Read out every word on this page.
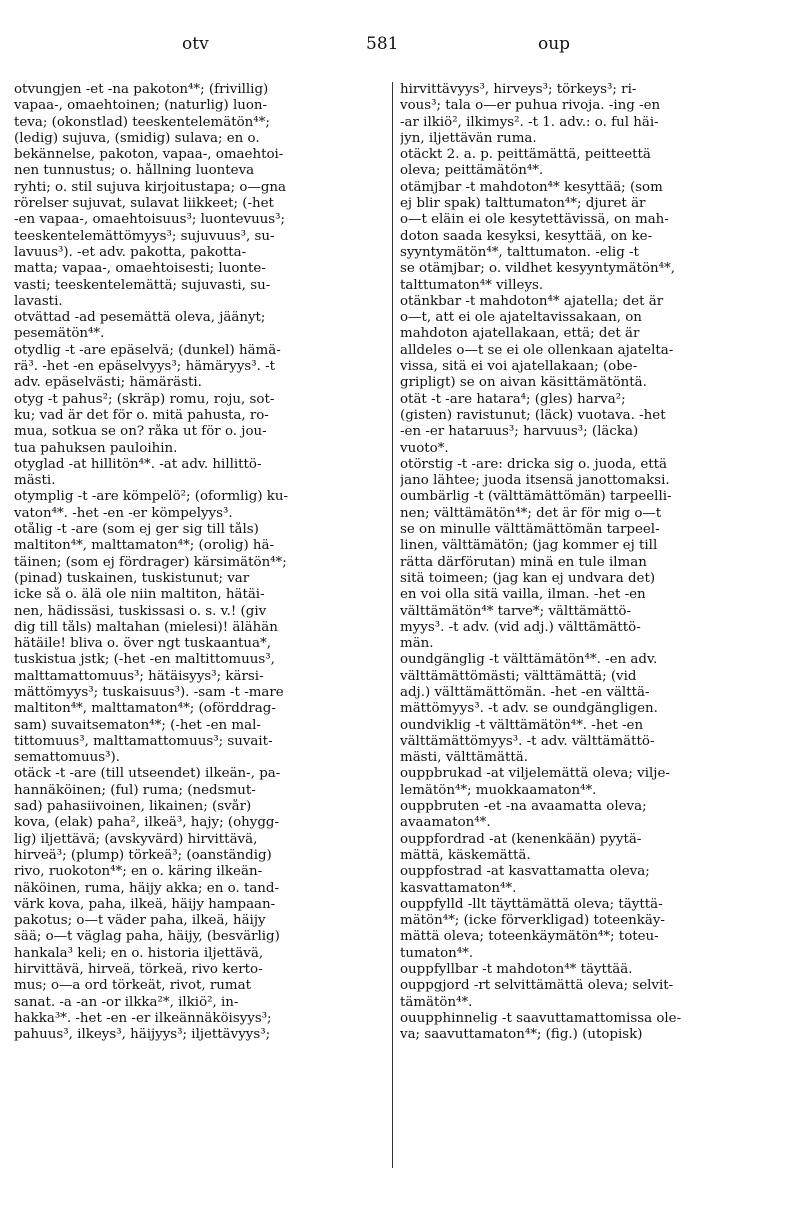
otv	581	oup
otvungjen -et -na pakoton⁴*; (frivillig)
vapaa-, omaehtoinen; (naturlig) luon-
teva; (okonstlad) teeskentelemätön⁴*;
(ledig) sujuva, (smidig) sulava; en o.
bekännelse, pakoton, vapaa-, omaehtoi-
nen tunnustus; o. hållning luonteva
ryhti; o. stil sujuva kirjoitustapa; o—gna
rörelser sujuvat, sulavat liikkeet; (-het
-en vapaa-, omaehtoisuus³; luontevuus³;
teeskentelemättömyys³; sujuvuus³, su-
lavuus³). -et adv. pakotta, pakotta-
matta; vapaa-, omaehtoisesti; luonte-
vasti; teeskentelemättä; sujuvasti, su-
lavasti.
otvättad -ad pesemättä oleva, jäänyt;
pesemätön⁴*.
otydlig -t -are epäselvä; (dunkel) hämä-
rä³. -het -en epäselvyys³; hämäryys³. -t
adv. epäselvästi; hämärästi.
otyg -t pahus²; (skräp) romu, roju, sot-
ku; vad är det för o. mitä pahusta, ro-
mua, sotkua se on? råka ut för o. jou-
tua pahuksen pauloihin.
otyglad -at hillitön⁴*. -at adv. hillittö-
mästi.
otymplig -t -are kömpelö²; (oformlig) ku-
vaton⁴*. -het -en -er kömpelyys³.
otålig -t -are (som ej ger sig till tåls)
maltiton⁴*, malttamaton⁴*; (orolig) hä-
täinen; (som ej fördrager) kärsimätön⁴*;
(pinad) tuskainen, tuskistunut; var
icke så o. älä ole niin maltiton, hätäi-
nen, hädissäsi, tuskissasi o. s. v.! (giv
dig till tåls) maltahan (mielesi)! älähän
hätäile! bliva o. över ngt tuskaantua*,
tuskistua jstk; (-het -en maltittomuus³,
malttamattomuus³; hätäisyys³; kärsi-
mättömyys³; tuskaisuus³). -sam -t -mare
maltiton⁴*, malttamaton⁴*; (oförddrag-
sam) suvaitsematon⁴*; (-het -en mal-
tittomuus³, malttamattomuus³; suvait-
semattomuus³).
otäck -t -are (till utseendet) ilkeän-, pa-
hannäköinen; (ful) ruma; (nedsmut-
sad) pahasiivoinen, likainen; (svår)
kova, (elak) paha², ilkeä³, hajy; (ohygg-
lig) iljettävä; (avskyvärd) hirvittävä,
hirveä³; (plump) törkeä³; (oanständig)
rivo, ruokoton⁴*; en o. käring ilkeän-
näköinen, ruma, häijy akka; en o. tand-
värk kova, paha, ilkeä, häijy hampaan-
pakotus; o—t väder paha, ilkeä, häijy
sää; o—t väglag paha, häijy, (besvärlig)
hankala³ keli; en o. historia iljettävä,
hirvittävä, hirveä, törkeä, rivo kerto-
mus; o—a ord törkeät, rivot, rumat
sanat. -a -an -or ilkka²*, ilkiö², in-
hakka³*. -het -en -er ilkeännäköisyys³;
pahuus³, ilkeys³, häijyys³; iljettävyys³;
hirvittävyys³, hirveys³; törkeys³; ri-
vous³; tala o—er puhua rivoja. -ing -en
-ar ilkiö², ilkimys². -t 1. adv.: o. ful häi-
jyn, iljettävän ruma.
otäckt 2. a. p. peittämättä, peitteettä
oleva; peittämätön⁴*.
otämjbar -t mahdoton⁴* kesyttää; (som
ej blir spak) talttumaton⁴*; djuret är
o—t eläin ei ole kesytettävissä, on mah-
doton saada kesyksi, kesyttää, on ke-
syyntymätön⁴*, talttumaton. -elig -t
se otämjbar; o. vildhet kesyyntymätön⁴*,
talttumaton⁴* villeys.
otänkbar -t mahdoton⁴* ajatella; det är
o—t, att ei ole ajateltavissakaan, on
mahdoton ajatellakaan, että; det är
alldeles o—t se ei ole ollenkaan ajatelta-
vissa, sitä ei voi ajatellakaan; (obe-
gripligt) se on aivan käsittämätöntä.
otät -t -are hatara⁴; (gles) harva²;
(gisten) ravistunut; (läck) vuotava. -het
-en -er hataruus³; harvuus³; (läcka)
vuoto*.
otörstig -t -are: dricka sig o. juoda, että
jano lähtee; juoda itsensä janottomaksi.
oumbärlig -t (välttämättömän) tarpeelli-
nen; välttämätön⁴*; det är för mig o—t
se on minulle välttämättömän tarpeel-
linen, välttämätön; (jag kommer ej till
rätta därförutan) minä en tule ilman
sitä toimeen; (jag kan ej undvara det)
en voi olla sitä vailla, ilman. -het -en
välttämätön⁴* tarve*; välttämättö-
myys³. -t adv. (vid adj.) välttämättö-
män.
oundgänglig -t välttämätön⁴*. -en adv.
välttämättömästi; välttämättä; (vid
adj.) välttämättömän. -het -en välttä-
mättömyys³. -t adv. se oundgängligen.
oundviklig -t välttämätön⁴*. -het -en
välttämättömyys³. -t adv. välttämättö-
mästi, välttämättä.
ouppbrukad -at viljelemättä oleva; vilje-
lemätön⁴*; muokkaamaton⁴*.
ouppbruten -et -na avaamatta oleva;
avaamaton⁴*.
ouppfordrad -at (kenenkään) pyytä-
mättä, käskemättä.
ouppfostrad -at kasvattamatta oleva;
kasvattamaton⁴*.
ouppfylld -llt täyttämättä oleva; täyttä-
mätön⁴*; (icke förverkligad) toteenkäy-
mättä oleva; toteenkäymätön⁴*; toteu-
tumaton⁴*.
ouppfyllbar -t mahdoton⁴* täyttää.
ouppgjord -rt selvittämättä oleva; selvit-
tämätön⁴*.
ouupphinnelig -t saavuttamattomissa ole-
va; saavuttamaton⁴*; (fig.) (utopisk)
